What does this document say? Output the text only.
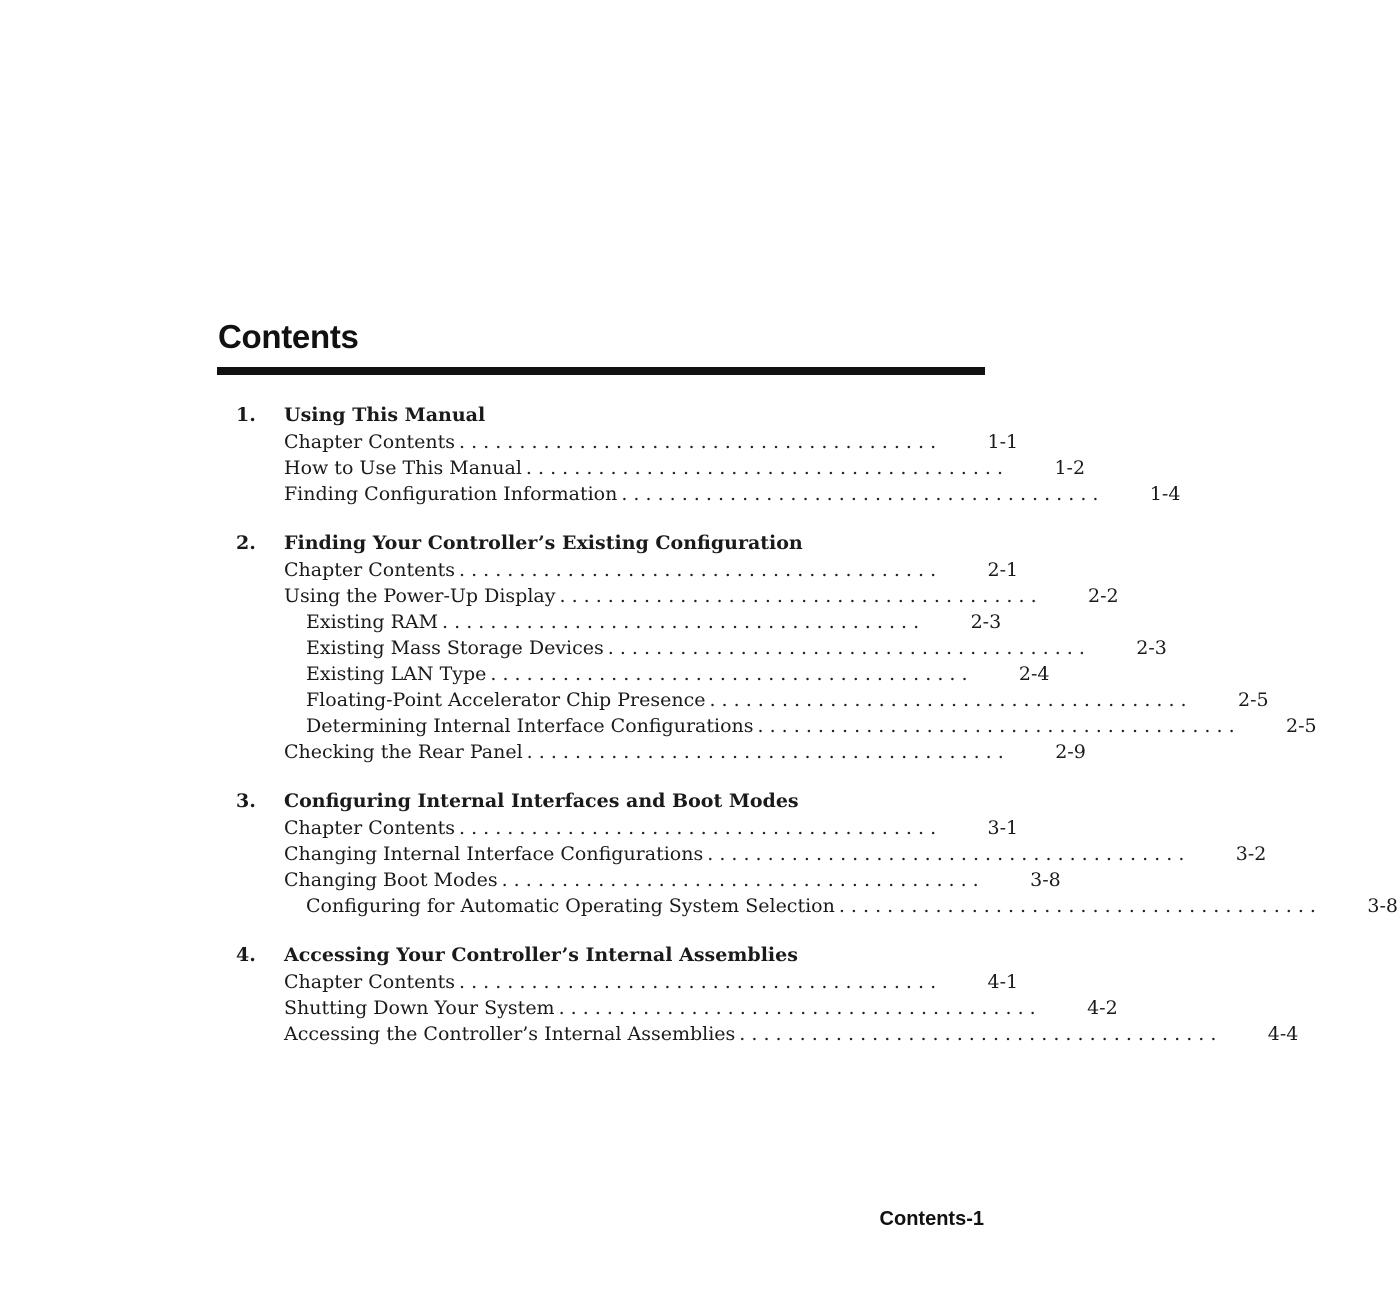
Contents
1.	Using This Manual
Chapter Contents . . . . . . . . . . . . . . . . . . . . . . . . . . . . . . . . . . . . . . . .	1-1
How to Use This Manual . . . . . . . . . . . . . . . . . . . . . . . . . . . . . . . . . . . . . . . .	1-2
Finding Configuration Information . . . . . . . . . . . . . . . . . . . . . . . . . . . . . . . . . . . . . . . .	1-4
2.	Finding Your Controller’s Existing Configuration
Chapter Contents . . . . . . . . . . . . . . . . . . . . . . . . . . . . . . . . . . . . . . . .	2-1
Using the Power-Up Display . . . . . . . . . . . . . . . . . . . . . . . . . . . . . . . . . . . . . . . .	2-2
Existing RAM . . . . . . . . . . . . . . . . . . . . . . . . . . . . . . . . . . . . . . . .	2-3
Existing Mass Storage Devices . . . . . . . . . . . . . . . . . . . . . . . . . . . . . . . . . . . . . . . .	2-3
Existing LAN Type . . . . . . . . . . . . . . . . . . . . . . . . . . . . . . . . . . . . . . . .	2-4
Floating-Point Accelerator Chip Presence . . . . . . . . . . . . . . . . . . . . . . . . . . . . . . . . . . . . . . . .	2-5
Determining Internal Interface Configurations . . . . . . . . . . . . . . . . . . . . . . . . . . . . . . . . . . . . . . . .	2-5
Checking the Rear Panel . . . . . . . . . . . . . . . . . . . . . . . . . . . . . . . . . . . . . . . .	2-9
3.	Configuring Internal Interfaces and Boot Modes
Chapter Contents . . . . . . . . . . . . . . . . . . . . . . . . . . . . . . . . . . . . . . . .	3-1
Changing Internal Interface Configurations . . . . . . . . . . . . . . . . . . . . . . . . . . . . . . . . . . . . . . . .	3-2
Changing Boot Modes . . . . . . . . . . . . . . . . . . . . . . . . . . . . . . . . . . . . . . . .	3-8
Configuring for Automatic Operating System Selection . . . . . . . . . . . . . . . . . . . . . . . . . . . . . . . . . . . . . . . .	3-8
4.	Accessing Your Controller’s Internal Assemblies
Chapter Contents . . . . . . . . . . . . . . . . . . . . . . . . . . . . . . . . . . . . . . . .	4-1
Shutting Down Your System . . . . . . . . . . . . . . . . . . . . . . . . . . . . . . . . . . . . . . . .	4-2
Accessing the Controller’s Internal Assemblies . . . . . . . . . . . . . . . . . . . . . . . . . . . . . . . . . . . . . . . .	4-4
Contents-1
